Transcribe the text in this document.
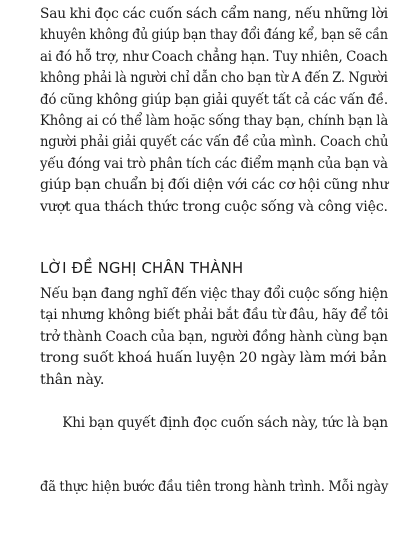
Sau khi đọc các cuốn sách cẩm nang, nếu những lời
khuyên không đủ giúp bạn thay đổi đáng kể, bạn sẽ cần
ai đó hỗ trợ, như Coach chẳng hạn. Tuy nhiên, Coach
không phải là người chỉ dẫn cho bạn từ A đến Z. Người
đó cũng không giúp bạn giải quyết tất cả các vấn đề.
Không ai có thể làm hoặc sống thay bạn, chính bạn là
người phải giải quyết các vấn đề của mình. Coach chủ
yếu đóng vai trò phân tích các điểm mạnh của bạn và
giúp bạn chuẩn bị đối diện với các cơ hội cũng như
vượt qua thách thức trong cuộc sống và công việc.

LỜI ĐỀ NGHỊ CHÂN THÀNH

Nếu bạn đang nghĩ đến việc thay đổi cuộc sống hiện
tại nhưng không biết phải bắt đầu từ đâu, hãy để tôi
trở thành Coach của bạn, người đồng hành cùng bạn
trong suốt khoá huấn luyện 20 ngày làm mới bản
thân này.

Khi bạn quyết định đọc cuốn sách này, tức là bạn

đã thực hiện bước đầu tiên trong hành trình. Mỗi ngày
